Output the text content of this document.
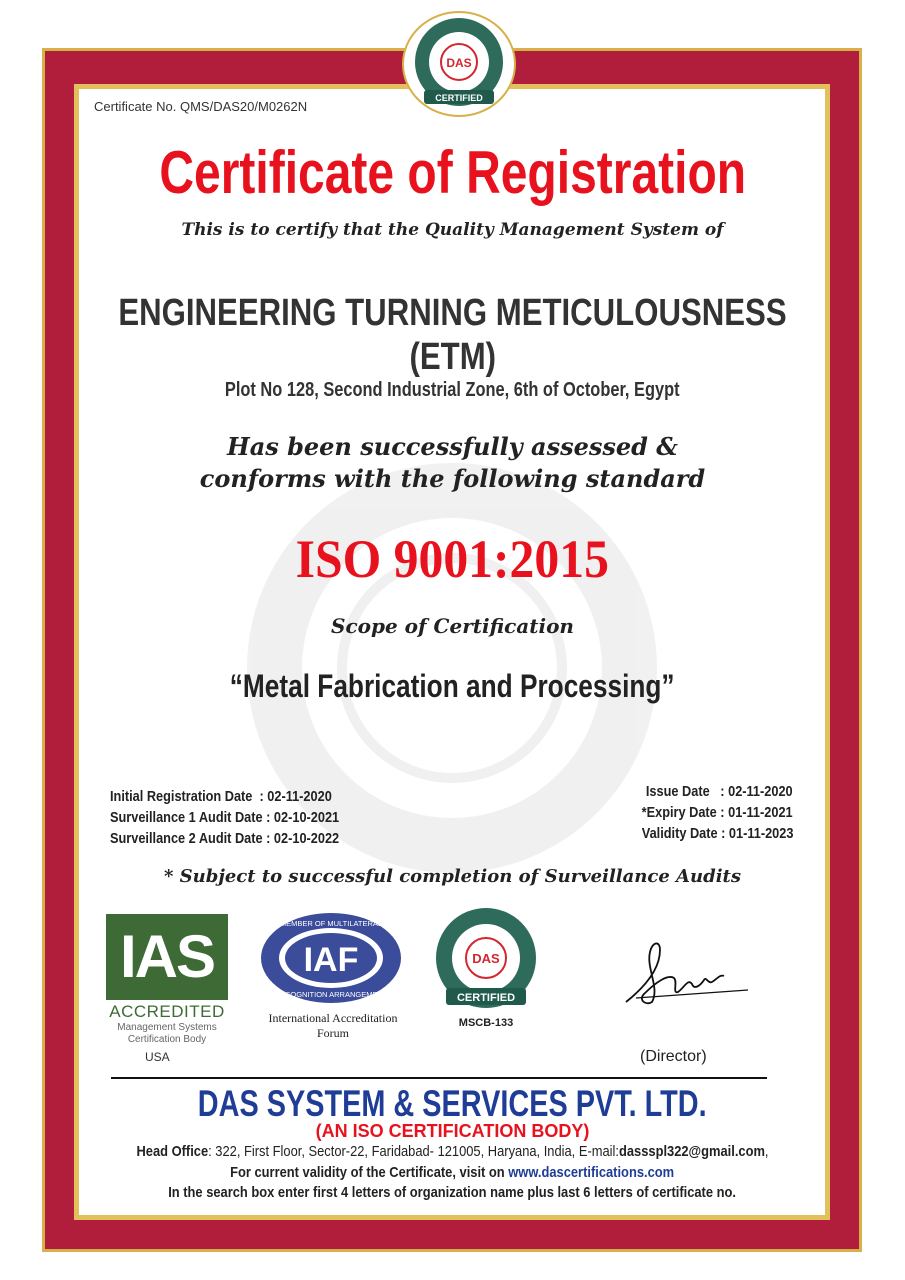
DAS
CERTIFIED
Certificate No. QMS/DAS20/M0262N
Certificate of Registration
This is to certify that the Quality Management System of
ENGINEERING TURNING METICULOUSNESS
(ETM)
Plot No 128, Second Industrial Zone, 6th of October, Egypt
Has been successfully assessed &
conforms with the following standard
ISO 9001:2015
Scope of Certification
“Metal Fabrication and Processing”
Initial Registration Date  : 02-11-2020
Surveillance 1 Audit Date : 02-10-2021
Surveillance 2 Audit Date : 02-10-2022
Issue Date   : 02-11-2020
*Expiry Date : 01-11-2021
Validity Date : 01-11-2023
* Subject to successful completion of Surveillance Audits
IAS
ACCREDITED
Management Systems
Certification Body
USA
IAF
MEMBER OF MULTILATERAL
RECOGNITION ARRANGEMENT
International Accreditation
Forum
DAS
CERTIFIED
MSCB-133
(Director)
DAS SYSTEM & SERVICES PVT. LTD.
(AN ISO CERTIFICATION BODY)
Head Office: 322, First Floor, Sector-22, Faridabad- 121005, Haryana, India, E-mail:dassspl322@gmail.com,
For current validity of the Certificate, visit on www.dascertifications.com
In the search box enter first 4 letters of organization name plus last 6 letters of certificate no.
